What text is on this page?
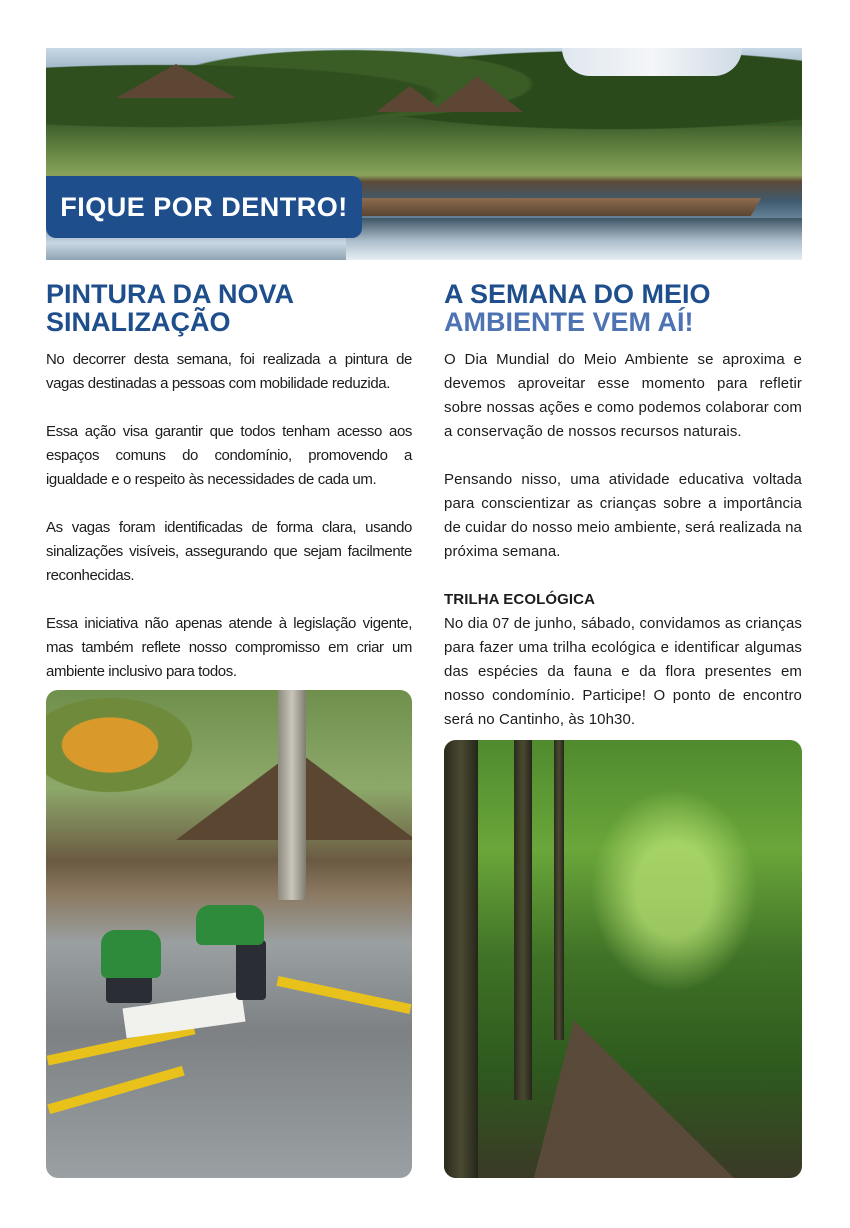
FIQUE POR DENTRO!
PINTURA DA NOVA
SINALIZAÇÃO

No decorrer desta semana, foi realizada a pintura de vagas destinadas a pessoas com mobilidade reduzida.

Essa ação visa garantir que todos tenham acesso aos espaços comuns do condomínio, promovendo a igualdade e o respeito às necessidades de cada um.

As vagas foram identificadas de forma clara, usando sinalizações visíveis, assegurando que sejam facilmente reconhecidas.

Essa iniciativa não apenas atende à legislação vigente, mas também reflete nosso compromisso em criar um ambiente inclusivo para todos.

A SEMANA DO MEIO
AMBIENTE VEM AÍ!

O Dia Mundial do Meio Ambiente se aproxima e devemos aproveitar esse momento para refletir sobre nossas ações e como podemos colaborar com a conservação de nossos recursos naturais.

Pensando nisso, uma atividade educativa voltada para conscientizar as crianças sobre a importância de cuidar do nosso meio ambiente, será realizada na próxima semana.

TRILHA ECOLÓGICA

No dia 07 de junho, sábado, convidamos as crianças para fazer uma trilha ecológica e identificar algumas das espécies da fauna e da flora presentes em nosso condomínio. Participe! O ponto de encontro será no Cantinho, às 10h30.
